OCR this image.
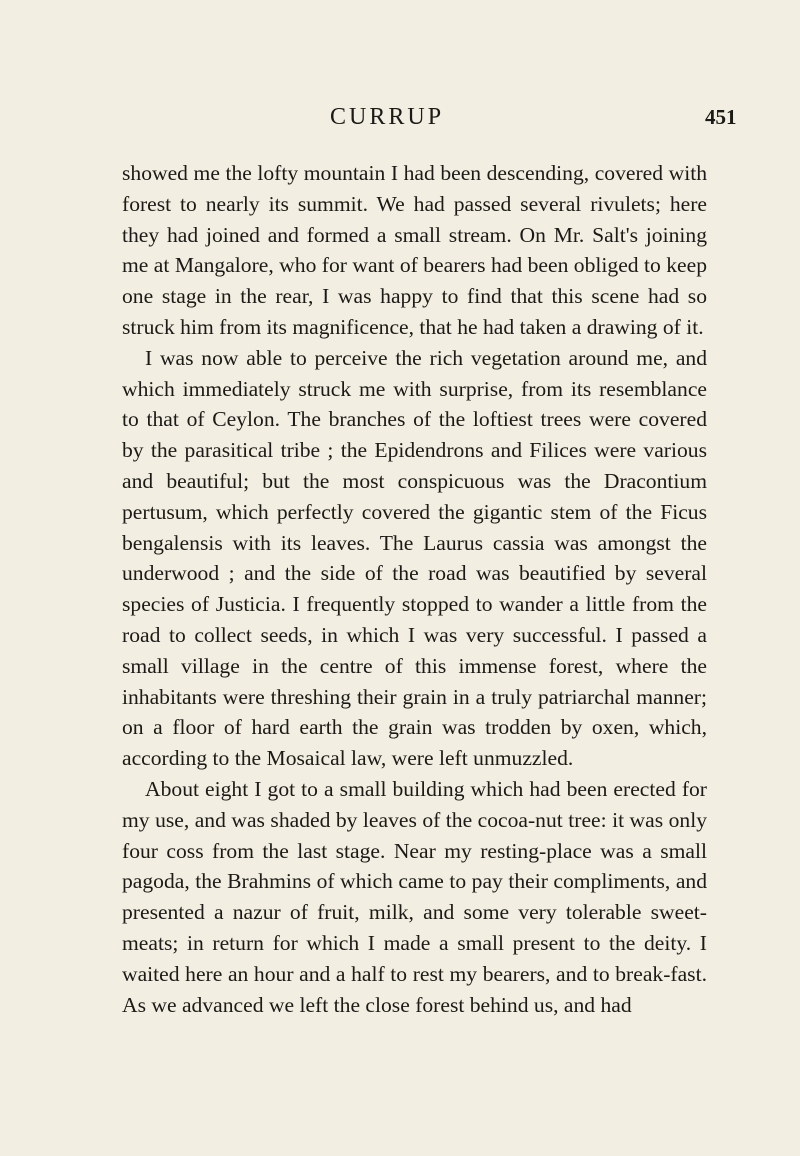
CURRUP	451

showed me the lofty mountain I had been descending, covered with forest to nearly its summit. We had passed several rivulets; here they had joined and formed a small stream. On Mr. Salt's joining me at Mangalore, who for want of bearers had been obliged to keep one stage in the rear, I was happy to find that this scene had so struck him from its magnificence, that he had taken a drawing of it.

I was now able to perceive the rich vegetation around me, and which immediately struck me with surprise, from its resemblance to that of Ceylon. The branches of the loftiest trees were covered by the parasitical tribe ; the Epidendrons and Filices were various and beautiful; but the most conspicuous was the Dracontium pertusum, which perfectly covered the gigantic stem of the Ficus bengalensis with its leaves. The Laurus cassia was amongst the underwood ; and the side of the road was beautified by several species of Justicia. I frequently stopped to wander a little from the road to collect seeds, in which I was very successful. I passed a small village in the centre of this immense forest, where the inhabitants were threshing their grain in a truly patriarchal manner; on a floor of hard earth the grain was trodden by oxen, which, according to the Mosaical law, were left unmuzzled.

About eight I got to a small building which had been erected for my use, and was shaded by leaves of the cocoa-nut tree: it was only four coss from the last stage. Near my resting-place was a small pagoda, the Brahmins of which came to pay their compliments, and presented a nazur of fruit, milk, and some very tolerable sweet-meats; in return for which I made a small present to the deity. I waited here an hour and a half to rest my bearers, and to break-fast. As we advanced we left the close forest behind us, and had
